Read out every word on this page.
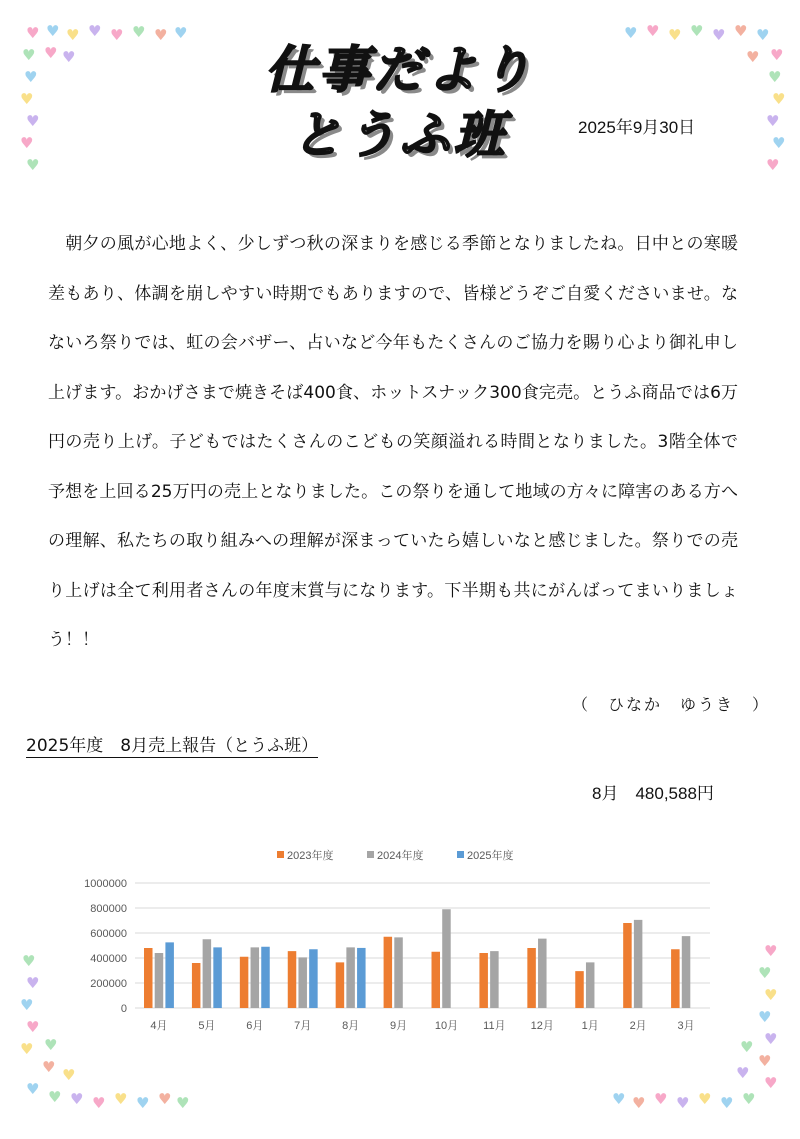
♥ ♥ ♥ ♥ ♥ ♥ ♥ ♥
♥ ♥
♥
♥
♥
♥
♥
♥
♥ ♥ ♥ ♥ ♥ ♥ ♥
♥
♥
♥
♥
♥
♥
♥
♥
♥
♥
♥
♥
♥
♥ ♥ ♥ ♥ ♥ ♥ ♥ ♥
♥
♥
♥
♥
♥
♥
♥
♥
♥
♥
♥
♥
♥
♥
♥
♥
♥
♥
仕事だより
とうふ班	2025年9月30日
朝夕の風が心地よく、少しずつ秋の深まりを感じる季節となりましたね。日中との寒暖差もあり、体調を崩しやすい時期でもありますので、皆様どうぞご自愛くださいませ。なないろ祭りでは、虹の会バザー、占いなど今年もたくさんのご協力を賜り心より御礼申し上げます。おかげさまで焼きそば400食、ホットスナック300食完売。とうふ商品では6万円の売り上げ。子どもではたくさんのこどもの笑顔溢れる時間となりました。3階全体で予想を上回る25万円の売上となりました。この祭りを通して地域の方々に障害のある方への理解、私たちの取り組みへの理解が深まっていたら嬉しいなと感じました。祭りでの売り上げは全て利用者さんの年度末賞与になります。下半期も共にがんばってまいりましょう！！
（　ひなか　ゆうき　）
2025年度　8月売上報告（とうふ班）
8月　480,588円
2023年度	2024年度	2025年度
0
200000
400000
600000
800000
1000000
4月	5月	6月	7月	8月	9月	10月 11月 12月	1月	2月	3月
